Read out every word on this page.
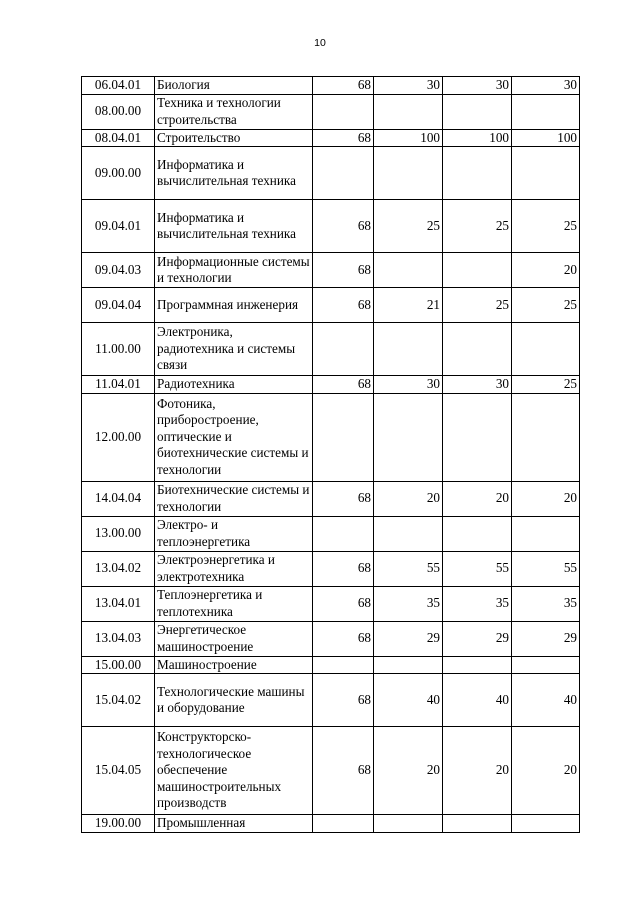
10
06.04.01	Биология	68	30	30	30
08.00.00	Техника и технологии строительства				
08.04.01	Строительство	68	100	100	100
09.00.00	Информатика и вычислительная техника				
09.04.01	Информатика и вычислительная техника	68	25	25	25
09.04.03	Информационные системы и технологии	68			20
09.04.04	Программная инженерия	68	21	25	25
11.00.00	Электроника, радиотехника и системы связи				
11.04.01	Радиотехника	68	30	30	25
12.00.00	Фотоника, приборостроение, оптические и биотехнические системы и технологии				
14.04.04	Биотехнические системы и технологии	68	20	20	20
13.00.00	Электро- и теплоэнергетика				
13.04.02	Электроэнергетика и электротехника	68	55	55	55
13.04.01	Теплоэнергетика и теплотехника	68	35	35	35
13.04.03	Энергетическое машиностроение	68	29	29	29
15.00.00	Машиностроение				
15.04.02	Технологические машины и оборудование	68	40	40	40
15.04.05	Конструкторско-технологическое обеспечение машиностроительных производств	68	20	20	20
19.00.00	Промышленная				
